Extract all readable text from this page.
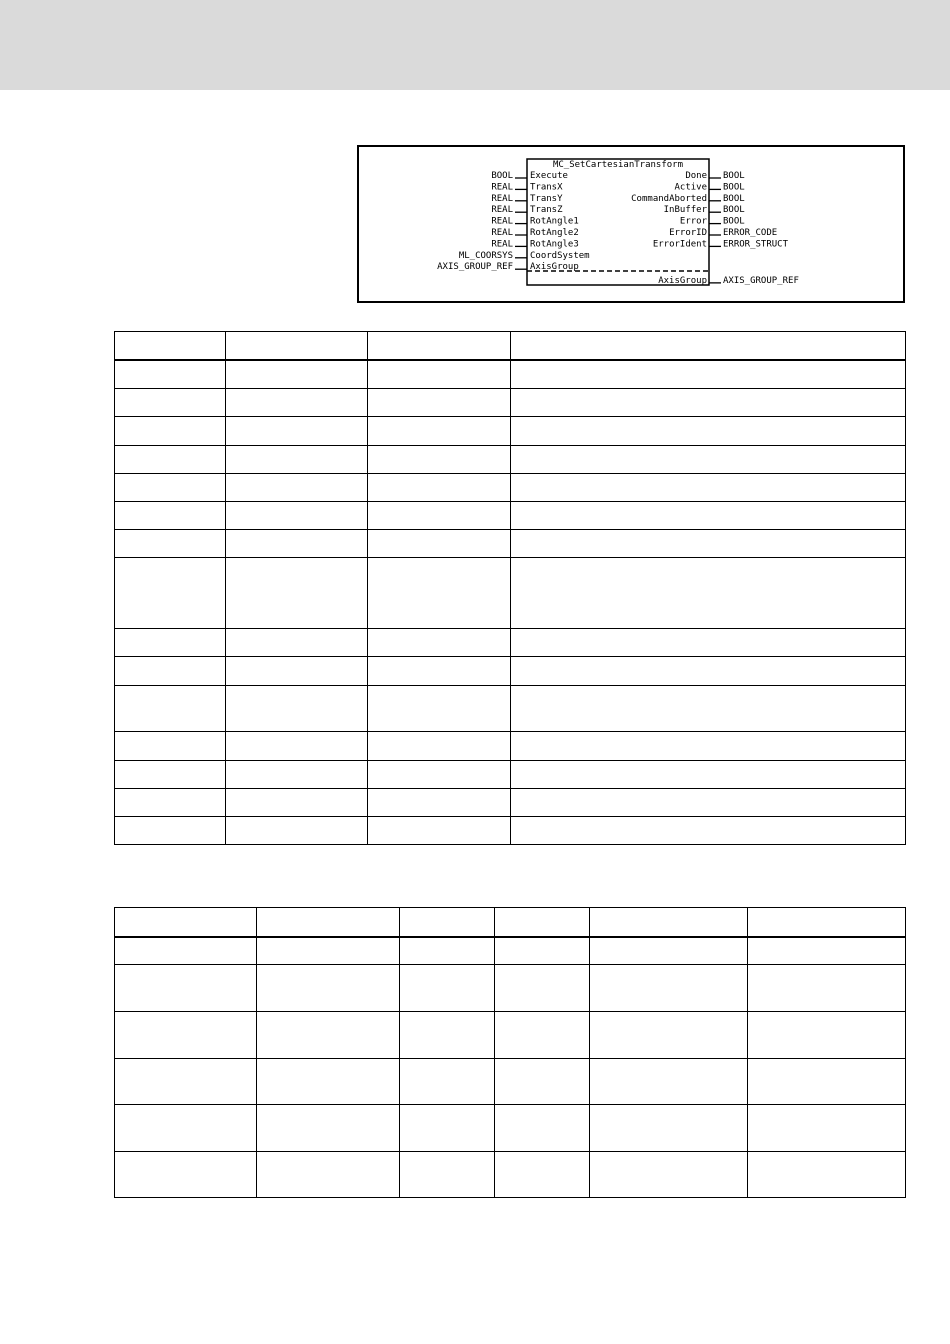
MC_SetCartesianTransform
BOOL Execute
REAL TransX
REAL TransY
REAL TransZ
REAL RotAngle1
REAL RotAngle2
REAL RotAngle3
ML_COORSYS CoordSystem
AXIS_GROUP_REF AxisGroup
Done BOOL
Active BOOL
CommandAborted BOOL
InBuffer BOOL
Error BOOL
ErrorID ERROR_CODE
ErrorIdent ERROR_STRUCT
AxisGroup AXIS_GROUP_REF
